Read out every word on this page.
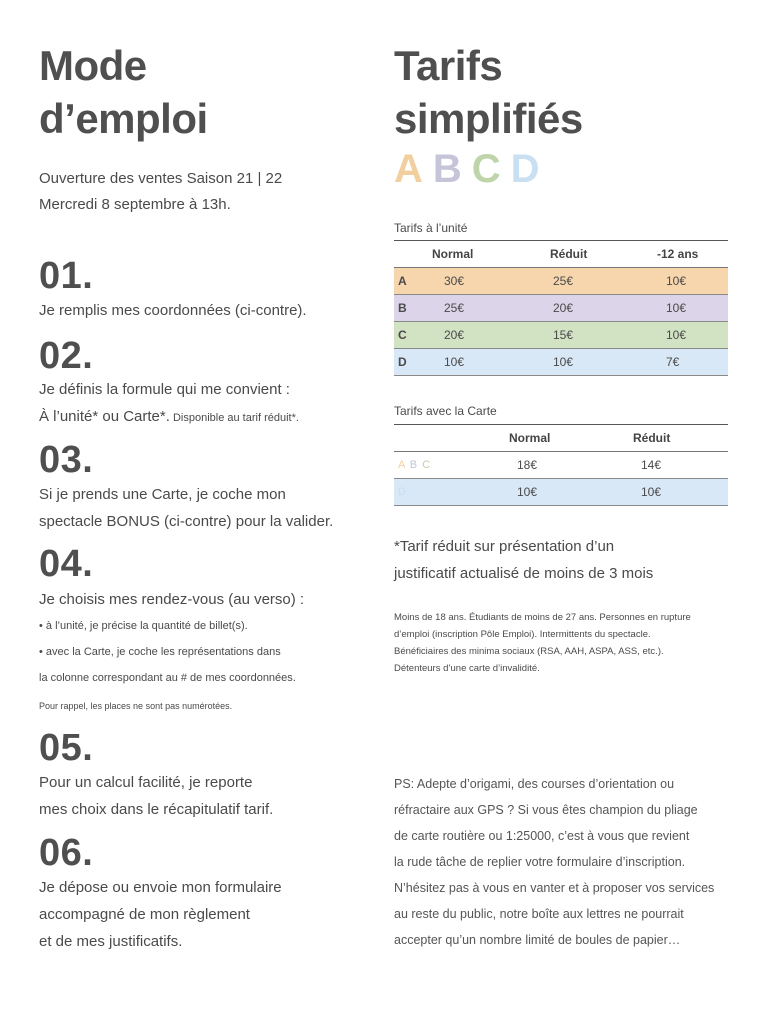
Mode
d’emploi
Ouverture des ventes Saison 21 | 22
Mercredi 8 septembre à 13h.
01.
Je remplis mes coordonnées (ci-contre).
02.
Je définis la formule qui me convient :
À l’unité* ou Carte*. Disponible au tarif réduit*.
03.
Si je prends une Carte, je coche mon
spectacle BONUS (ci-contre) pour la valider.
04.
Je choisis mes rendez-vous (au verso) :
• à l’unité, je précise la quantité de billet(s).
• avec la Carte, je coche les représentations dans
la colonne correspondant au # de mes coordonnées.
Pour rappel, les places ne sont pas numérotées.
05.
Pour un calcul facilité, je reporte
mes choix dans le récapitulatif tarif.
06.
Je dépose ou envoie mon formulaire
accompagné de mon règlement
et de mes justificatifs.
Tarifs
simplifiés
A B C D
Tarifs à l’unité
Normal	Réduit	-12 ans
A	30€	25€	10€
B	25€	20€	10€
C	20€	15€	10€
D	10€	10€	7€
Tarifs avec la Carte
Normal	Réduit
A B C	18€	14€
D	10€	10€
*Tarif réduit sur présentation d’un
justificatif actualisé de moins de 3 mois
Moins de 18 ans. Étudiants de moins de 27 ans. Personnes en rupture
d’emploi (inscription Pôle Emploi). Intermittents du spectacle.
Bénéficiaires des minima sociaux (RSA, AAH, ASPA, ASS, etc.).
Détenteurs d’une carte d’invalidité.
PS: Adepte d’origami, des courses d’orientation ou
réfractaire aux GPS ? Si vous êtes champion du pliage
de carte routière ou 1:25000, c’est à vous que revient
la rude tâche de replier votre formulaire d’inscription.
N’hésitez pas à vous en vanter et à proposer vos services
au reste du public, notre boîte aux lettres ne pourrait
accepter qu’un nombre limité de boules de papier…
